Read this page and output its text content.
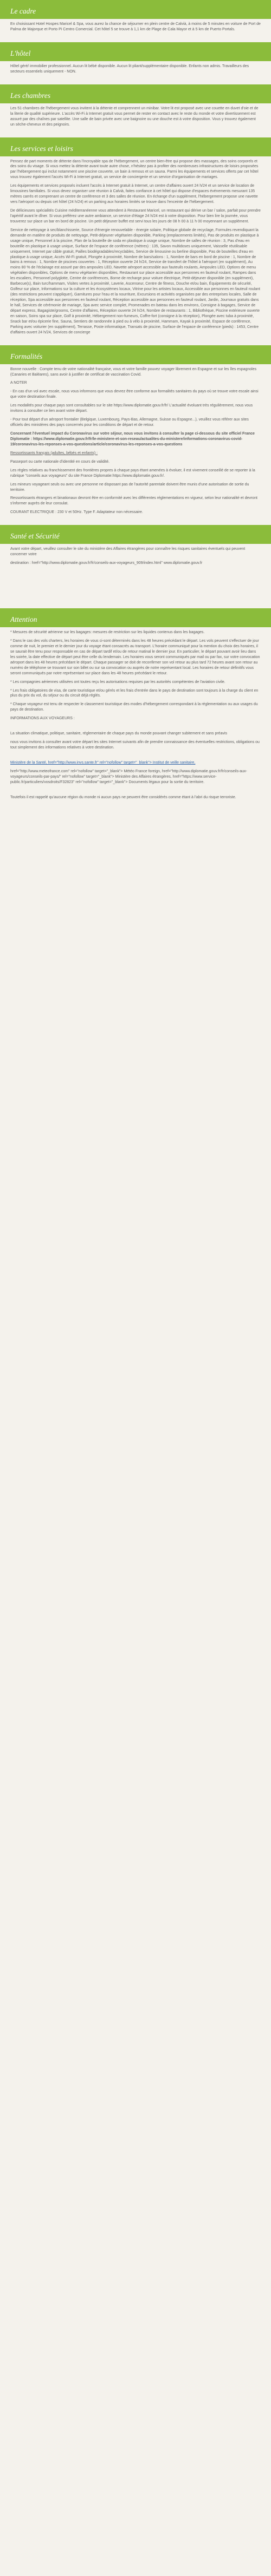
Le cadre

En choisissant Hotel Hospes Maricel & Spa, vous aurez la chance de séjourner en plein centre de Calvià, à moins de 5 minutes en voiture de Port de Palma de Majorque et Porto Pi Centro Comercial. Cet hôtel 5 se trouve à 1,1 km de Plage de Cala Mayor et à 5 km de Puerto Portals.

L'hôtel

Hôtel géré/ immobilier professionnel. Aucun lit bébé disponible. Aucun lit pliant/supplémentaire disponible. Enfants non admis. Travailleurs des secteurs essentiels uniquement - NON.

Les chambres

Les 51 chambres de l'hébergement vous invitent à la détente et comprennent un minibar. Votre lit est proposé avec une couette en duvet d'oie et de la literie de qualité supérieure. L'accès Wi-Fi à Internet gratuit vous permet de rester en contact avec le reste du monde et votre divertissement est assuré par des chaînes par satellite. Une salle de bain privée avec une baignoire ou une douche est à votre disposition. Vous y trouvez également un sèche-cheveux et des peignoirs.

Les services et loisirs

Pensez de part moments de détente dans l'incroyable spa de l'hébergement, un centre bien-être qui propose des massages, des soins corporels et des soins du visage. Si vous mettez la détente avant toute autre chose, n'hésitez pas à profiter des nombreuses infrastructures de loisirs proposées par l'hébergement qui inclut notamment une piscine couverte, un bain à remous et un sauna. Parmi les équipements et services offerts par cet hôtel vous trouvez également l'accès Wi-Fi à Internet gratuit, un service de conciergerie et un service d'organisation de mariages.

Les équipements et services proposés incluent l'accès à Internet gratuit à Internet, un centre d'affaires ouvert 24 h/24 et un service de location de limousines familiales. Si vous devez organiser une réunion à Calvià, faites confiance à cet hôtel qui dispose d'espaces événements mesurant 135 mètres carrés et comprenant un centre de conférence et 3 des salles de réunion. En échange d'un supplément, l'hébergement propose une navette vers l'aéroport ou depuis cet hôtel (24 h/24) et un parking aux horaires limités se trouve dans l'enceinte de l'hébergement.

De délicieuses spécialités Cuisine méditerranéenne vous attendent à Restaurant Maricel, un restaurant qui dérive un bar / salon, parfait pour prendre l'apéritif avant le dîner. Si vous préférez une autre ambiance, un service d'étage 24 h/24 est à votre disposition. Pour bien lire la journée, vous trouverez sur place un bar en bord de piscine. Un petit déjeuner buffet est servi tous les jours de 08 h 00 à 11 h 00 moyennant un supplément.

Service de nettoyage à sec/blanchisserie, Source d'énergie renouvelable - énergie solaire, Politique globale de recyclage, Formules revendiquant la demande en matière de produits de nettoyage, Petit-déjeuner végétarien disponible, Parking (emplacements limités), Pas de produits en plastique à usage unique, Personnel à la piscine, Plan de la bouteille de soda en plastique à usage unique, Nombre de salles de réunion : 3, Pas d'eau en bouteille en plastique à usage unique, Surface de l'espace de conférence (mètres) : 135, Savon multidoses uniquement, Vaisselle réutilisable uniquement, Internet par câble gratuit, Pailles biodégradables/recyclables, Service de limousine ou berline disponible, Pas de bouteilles d'eau en plastique à usage unique, Accès Wi-Fi gratuit, Plongée à proximité, Nombre de bars/salons : 1, Nombre de bars en bord de piscine : 1, Nombre de bains à remous : 1, Nombre de piscines couvertes : 1, Réception ouverte 24 h/24, Service de transfert de l'hôtel à l'aéroport (en supplément), Au moins 80 % de l'éclairage est assuré par des ampoules LED, Navette aéroport accessible aux fauteuils roulants, Ampoules LED, Options de menu végétalien disponibles, Options de menu végétarien disponibles, Restaurant sur place accessible aux personnes en fauteuil roulant, Rampes dans les escaliers, Personnel polyglotte, Centre de conférences, Borne de recharge pour voiture électrique, Petit-déjeuner disponible (en supplément), Barbecue(s), Bain turc/hammam, Visites vertes à proximité, Laverie, Ascenseur, Centre de fitness, Douche et/ou bain, Équipements de sécurité, Golfeur sur place, Informations sur la culture et les écosystèmes locaux, Vitrine pour les artistes locaux, Accessible aux personnes en fauteuil roulant (des restrictions peuvent s'appliquer), Garnitures pour l'eau et la nourriture, Excursions et activités organisées par des entreprises locales, Salle de réception, Spa accessible aux personnes en fauteuil roulant, Réception accessible aux personnes en fauteuil roulant, Jardin, Journaux gratuits dans le hall, Services de cérémonie de mariage, Spa avec service complet, Promenades en bateau dans les environs, Consigne à bagages, Service de départ express, Bagagiste/grooms, Centre d'affaires, Réception ouverte 24 h/24, Nombre de restaurants : 1, Bibliothèque, Piscine extérieure ouverte en saison, Soins spa sur place, Golf à proximité, Hébergement non-fumeurs, Coffre-fort (consigne à la réception), Plongée avec tuba à proximité, Snack bar et/ou épicerie fine, Sauna, Sentiers de randonnée à pied ou à vélo à proximité, Hammam, Kayak à proximité, Espace de conférence, Parking avec voiturier (en supplément), Terrasse, Poste informatique, Transats de piscine, Surface de l'espace de conférence (pieds) : 1453, Centre d'affaires ouvert 24 h/24, Services de concierge

Formalités

Bonne nouvelle : Compte tenu de votre nationalité française, vous et votre famille pouvez voyager librement en Espagne et sur les îles espagnoles (Canaries et Baléares), sans avoir à justifier de certificat de vaccination Covid.

A NOTER

- En cas d'un vol avec escale, nous vous informons que vous devrez être conforme aux formalités sanitaires du pays où se trouve votre escale ainsi que votre destination finale.

Les modalités pour chaque pays sont consultables sur le site https://www.diplomatie.gouv.fr/fr/ L'actualité évoluant très régulièrement, nous vous invitons à consulter ce lien avant votre départ.

- Pour tout départ d'un aéroport frontalier (Belgique, Luxembourg, Pays-Bas, Allemagne, Suisse ou Espagne...), veuillez vous référer aux sites officiels des ministères des pays concernés pour les conditions de départ et de retour.

Concernant l'éventuel impact du Coronavirus sur votre séjour, nous vous invitons à consulter la page ci-dessous du site officiel France Diplomatie : https://www.diplomatie.gouv.fr/fr/le-ministere-et-son-reseau/actualites-du-ministere/informations-coronavirus-covid-19/coronavirus-les-reponses-a-vos-questions/article/coronavirus-les-reponses-a-vos-questions

Ressortissants français (adultes, bébés et enfants) :

Passeport ou carte nationale d'identité en cours de validité.

Les règles relatives au franchissement des frontières propres à chaque pays étant amenées à évoluer, il est vivement conseillé de se reporter à la rubrique "conseils aux voyageurs" du site France Diplomatie:https://www.diplomatie.gouv.fr/.

Les mineurs voyageant seuls ou avec une personne ne disposant pas de l'autorité parentale doivent être munis d'une autorisation de sortie du territoire.

Ressortissants étrangers et binationaux devront être en conformité avec les différentes réglementations en vigueur, selon leur nationalité et devront s'informer auprès de leur consulat.

COURANT ELECTRIQUE : 230 V et 50Hz. Type F. Adaptateur non nécessaire.

Santé et Sécurité

Avant votre départ, veuillez consulter le site du ministère des Affaires étrangères pour connaître les risques sanitaires éventuels qui peuvent concerner votre

destination : href="http://www.diplomatie.gouv.fr/fr/conseils-aux-voyageurs_909/index.html" www.diplomatie.gouv.fr

Attention

* Mesures de sécurité aérienne sur les bagages: mesures de restriction sur les liquides contenus dans les bagages.

* Dans le cas des vols charters, les horaires de vous ci-sont déterminés dans les 48 heures précédant le départ. Les vols peuvent s'effectuer de jour comme de nuit, le premier et le dernier jour du voyage étant consacrés au transport. L'horaire communiqué pour la mention du choix des horaires, il se saurait être tenu pour responsable en cas de départ tardif et/ou de retour matinal le dernier jour. En particulier, le départ pouvant avoir lieu dans les soirée, la date effective de départ peut être celle du lendemain. Les horaires vous seront communiqués par mail ou par fax, sur votre convocation aéroport dans les 48 heures précédant le départ. Chaque passager se doit de reconfirmer son vol retour au plus tard 72 heures avant son retour au numéro de téléphone se trouvant sur son billet ou sur sa convocation ou auprès de notre représentant local. Les horaires de retour définitifs vous seront communiqués par notre représentant sur place dans les 48 heures précédant le retour.

* Les compagnies aériennes utilisées ont toutes reçu les autorisations requises par les autorités compétentes de l'aviation civile.

* Les frais obligatoires de visa, de carte touristique et/ou gérés et les frais d'entrée dans le pays de destination sont toujours à la charge du client en plus du prix du vol, du séjour ou du circuit déjà réglés.

* Chaque voyageur est tenu de respecter le classement touristique des modes d'hébergement correspondant à la réglementation ou aux usages du pays de destination.

INFORMATIONS AUX VOYAGEURS :

La situation climatique, politique, sanitaire, réglementaire de chaque pays du monde pouvant changer subitement et sans préavis

nous vous invitons à consulter avant votre départ les sites Internet suivants afin de prendre connaissance des éventuelles restrictions, obligations ou tout simplement des informations relatives à votre destination.

Ministère de la Santé, href="http://www.invs.sante.fr" rel="nofollow" target="_blank"> Institut de veille sanitaire,

href="http://www.meteofrance.com" rel="nofollow" target="_blank"> Météo France foreign, href="http://www.diplomatie.gouv.fr/fr/conseils-aux-voyageurs/conseils-par-pays/" rel="nofollow" target="_blank"> Ministère des Affaires étrangères, href="https://www.service-public.fr/particuliers/vosdroits/F32823" rel="nofollow" target="_blank"> Documents légaux pour la sortie du territoire.

Toutefois il est rappelé qu'aucune région du monde ni aucun pays ne peuvent être considérés comme étant à l'abri du risque terroriste.
